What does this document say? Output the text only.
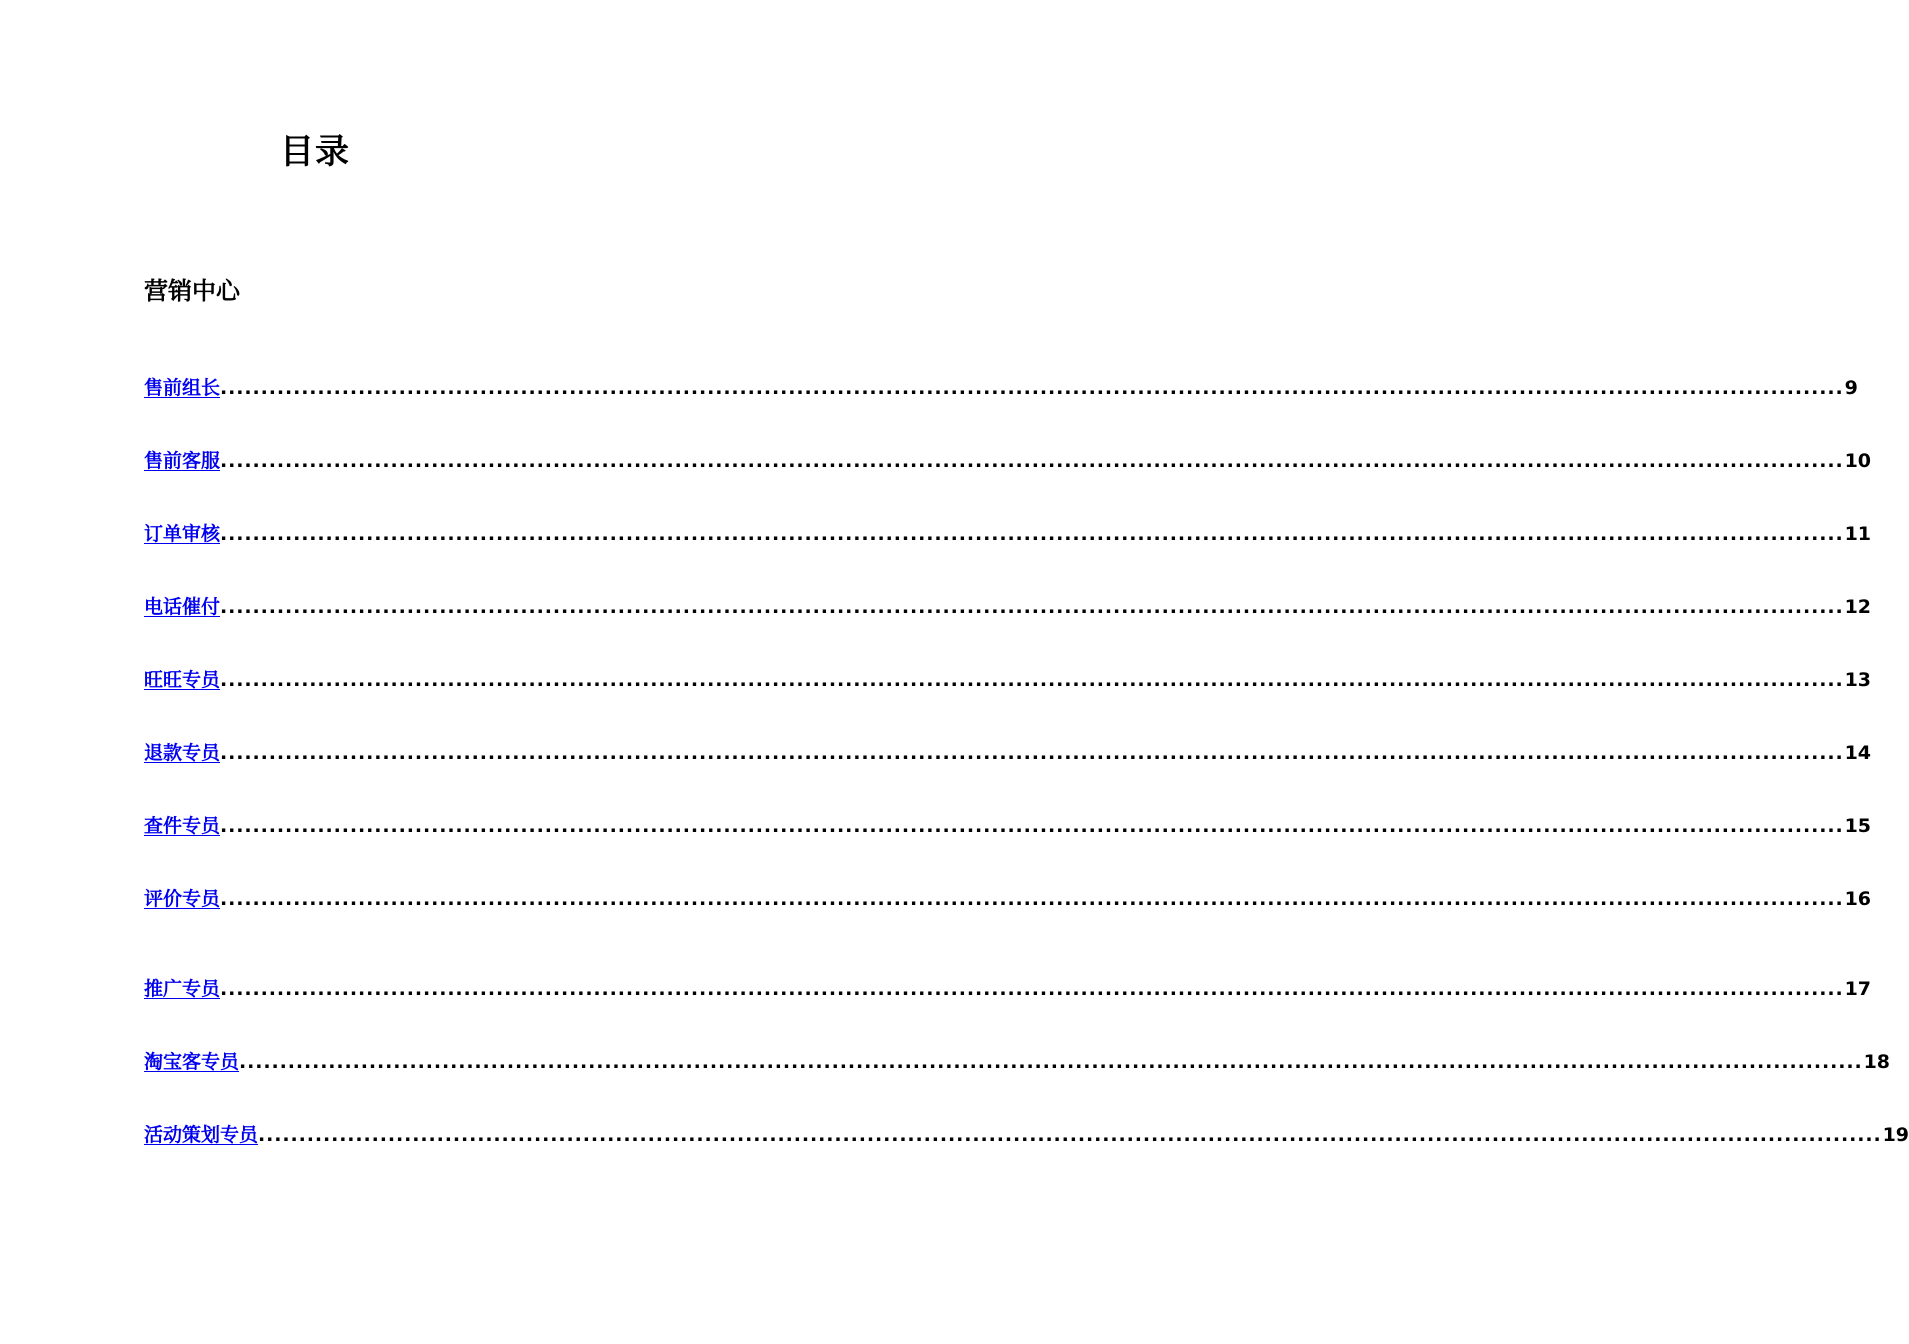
目录
营销中心
售前组长 ........................................................................................................................................................................................................ 9
售前客服 ........................................................................................................................................................................................................ 10
订单审核 ........................................................................................................................................................................................................ 11
电话催付 ........................................................................................................................................................................................................ 12
旺旺专员 ........................................................................................................................................................................................................ 13
退款专员 ........................................................................................................................................................................................................ 14
查件专员 ........................................................................................................................................................................................................ 15
评价专员 ........................................................................................................................................................................................................ 16
推广专员 ........................................................................................................................................................................................................ 17
淘宝客专员 ........................................................................................................................................................................................................ 18
活动策划专员 ........................................................................................................................................................................................................ 19
